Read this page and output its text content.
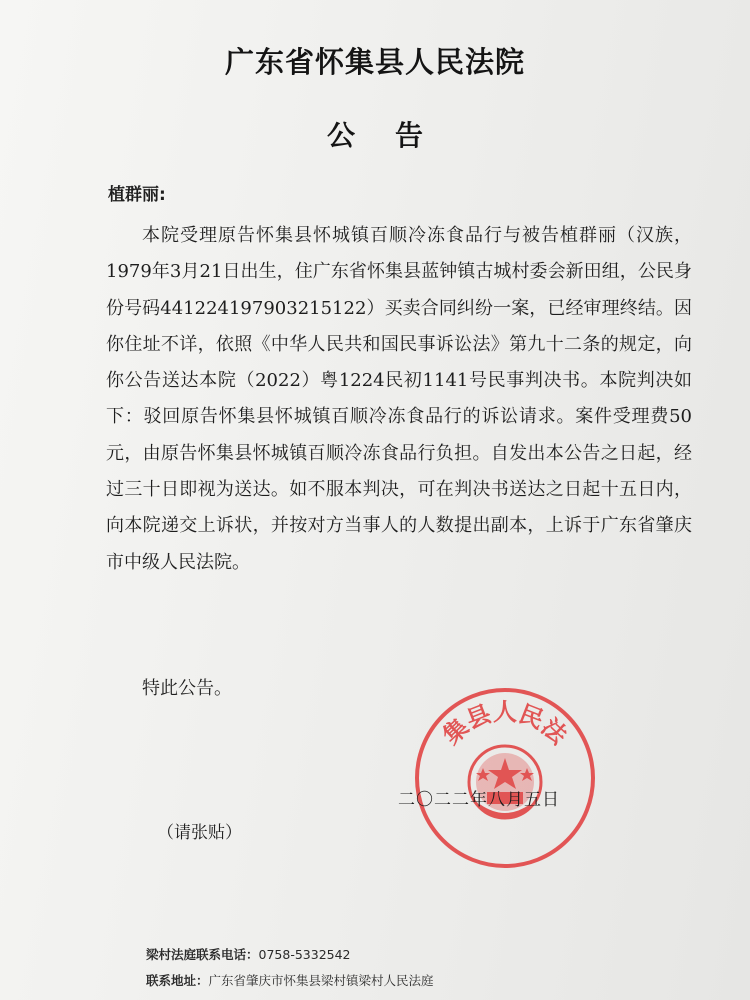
广东省怀集县人民法院
公告
植群丽:

本院受理原告怀集县怀城镇百顺冷冻食品行与被告植群丽（汉族，1979年3月21日出生，住广东省怀集县蓝钟镇古城村委会新田组，公民身份号码441224197903215122）买卖合同纠纷一案，已经审理终结。因你住址不详，依照《中华人民共和国民事诉讼法》第九十二条的规定，向你公告送达本院（2022）粤1224民初1141号民事判决书。本院判决如下：驳回原告怀集县怀城镇百顺冷冻食品行的诉讼请求。案件受理费50元，由原告怀集县怀城镇百顺冷冻食品行负担。自发出本公告之日起，经过三十日即视为送达。如不服本判决，可在判决书送达之日起十五日内，向本院递交上诉状，并按对方当事人的人数提出副本，上诉于广东省肇庆市中级人民法院。

特此公告。

集县人民法

二〇二二年八月五日

（请张贴）

梁村法庭联系电话：0758-5332542

联系地址：广东省肇庆市怀集县梁村镇梁村人民法庭
